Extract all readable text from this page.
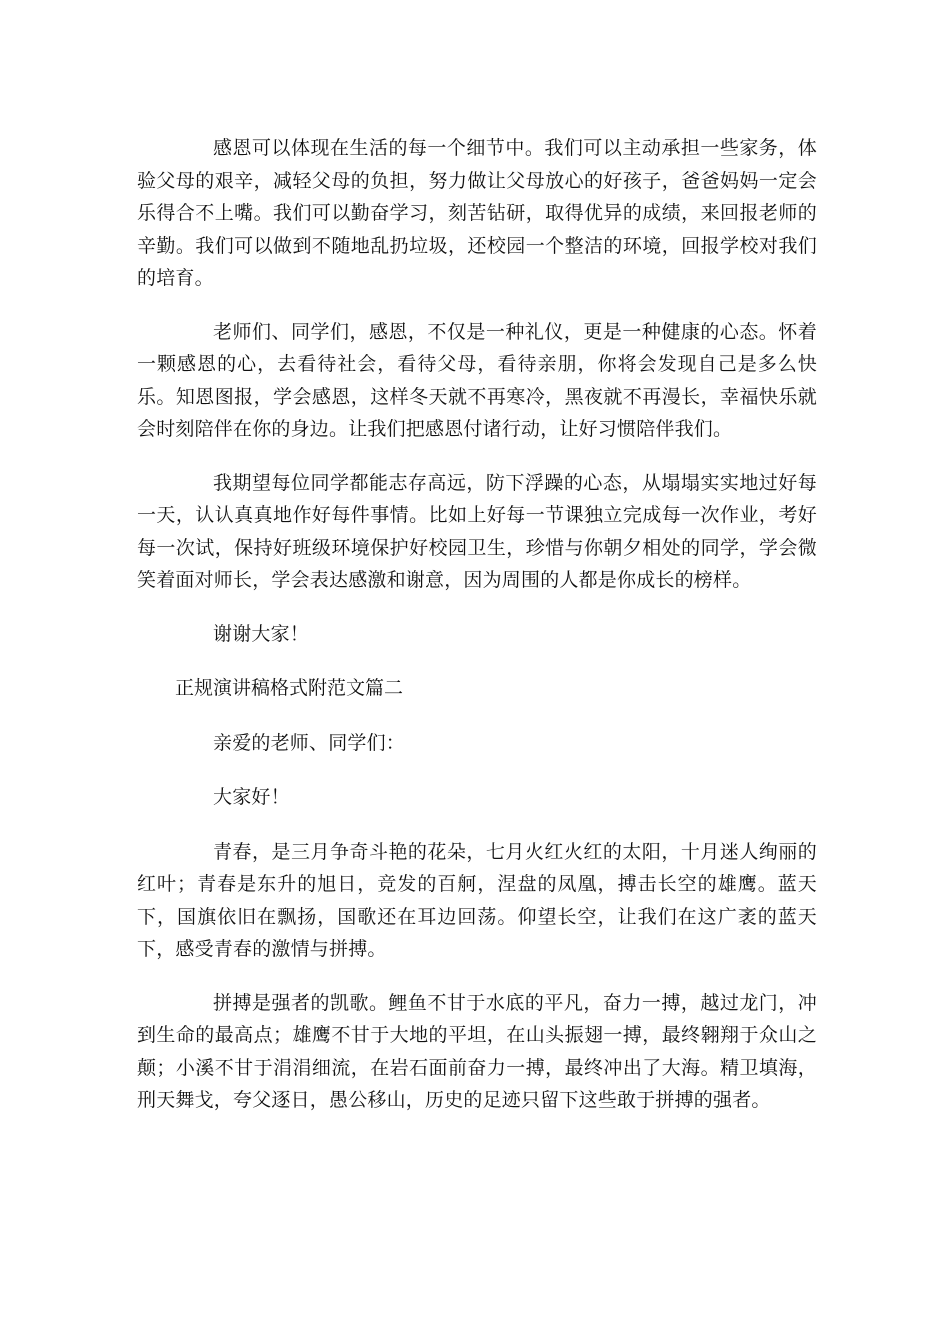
感恩可以体现在生活的每一个细节中。我们可以主动承担一些家务，体验父母的艰辛，减轻父母的负担，努力做让父母放心的好孩子，爸爸妈妈一定会乐得合不上嘴。我们可以勤奋学习，刻苦钻研，取得优异的成绩，来回报老师的辛勤。我们可以做到不随地乱扔垃圾，还校园一个整洁的环境，回报学校对我们的培育。

老师们、同学们，感恩，不仅是一种礼仪，更是一种健康的心态。怀着一颗感恩的心，去看待社会，看待父母，看待亲朋，你将会发现自己是多么快乐。知恩图报，学会感恩，这样冬天就不再寒冷，黑夜就不再漫长，幸福快乐就会时刻陪伴在你的身边。让我们把感恩付诸行动，让好习惯陪伴我们。

我期望每位同学都能志存高远，防下浮躁的心态，从塌塌实实地过好每一天，认认真真地作好每件事情。比如上好每一节课独立完成每一次作业，考好每一次试，保持好班级环境保护好校园卫生，珍惜与你朝夕相处的同学，学会微笑着面对师长，学会表达感激和谢意，因为周围的人都是你成长的榜样。

谢谢大家！

正规演讲稿格式附范文篇二

亲爱的老师、同学们：

大家好！

青春，是三月争奇斗艳的花朵，七月火红火红的太阳，十月迷人绚丽的红叶；青春是东升的旭日，竞发的百舸，涅盘的凤凰，搏击长空的雄鹰。蓝天下，国旗依旧在飘扬，国歌还在耳边回荡。仰望长空，让我们在这广袤的蓝天下，感受青春的激情与拼搏。

拼搏是强者的凯歌。鲤鱼不甘于水底的平凡，奋力一搏，越过龙门，冲到生命的最高点；雄鹰不甘于大地的平坦，在山头振翅一搏，最终翱翔于众山之颠；小溪不甘于涓涓细流，在岩石面前奋力一搏，最终冲出了大海。精卫填海，刑天舞戈，夸父逐日，愚公移山，历史的足迹只留下这些敢于拼搏的强者。
